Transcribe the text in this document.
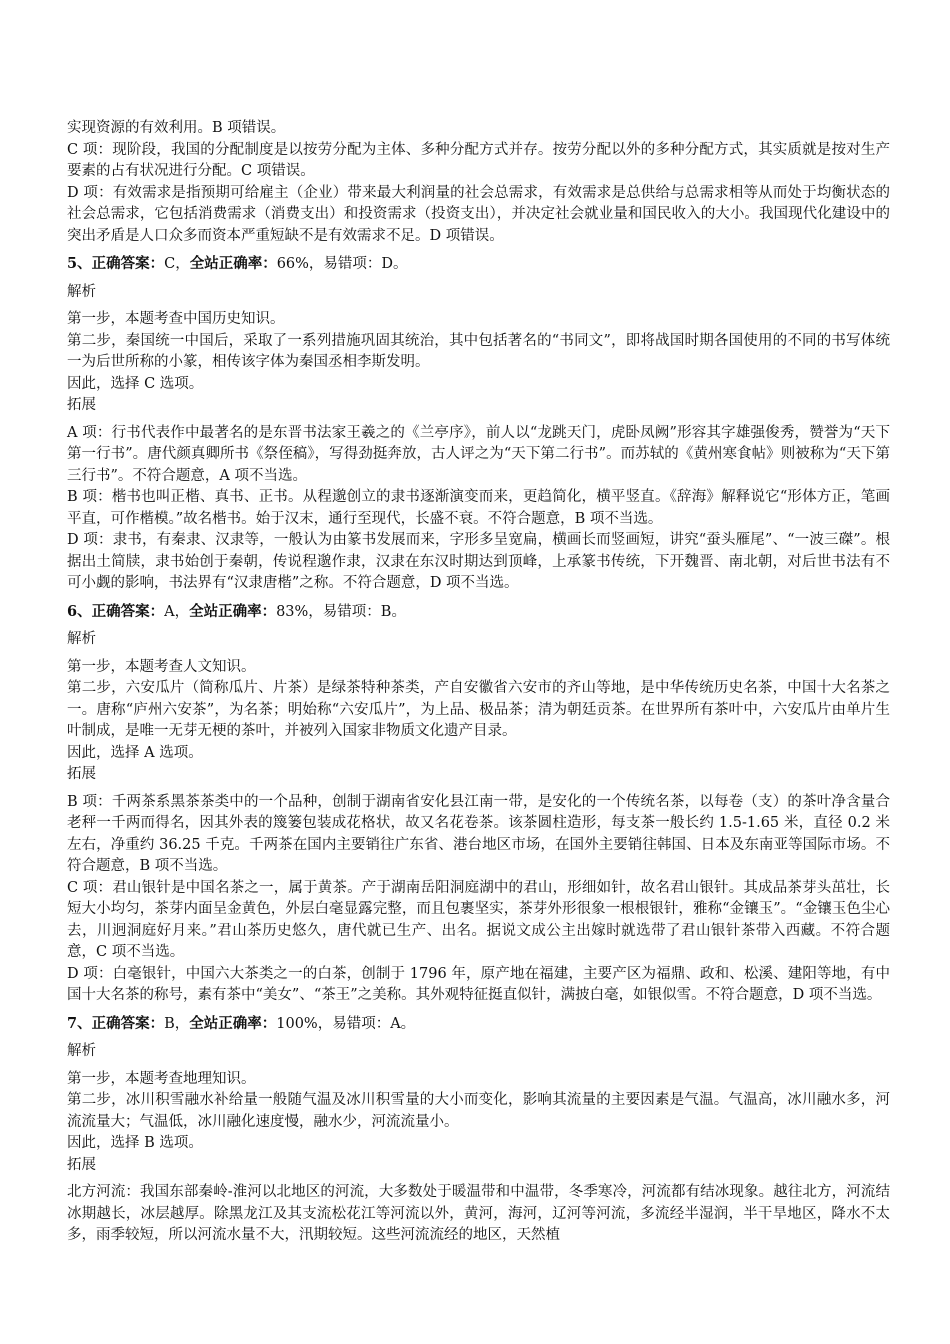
实现资源的有效利用。B 项错误。

C 项：现阶段，我国的分配制度是以按劳分配为主体、多种分配方式并存。按劳分配以外的多种分配方式，其实质就是按对生产要素的占有状况进行分配。C 项错误。

D 项：有效需求是指预期可给雇主（企业）带来最大利润量的社会总需求，有效需求是总供给与总需求相等从而处于均衡状态的社会总需求，它包括消费需求（消费支出）和投资需求（投资支出），并决定社会就业量和国民收入的大小。我国现代化建设中的突出矛盾是人口众多而资本严重短缺不是有效需求不足。D 项错误。

5、正确答案：C，全站正确率：66%，易错项：D。
解析

第一步，本题考查中国历史知识。

第二步，秦国统一中国后，采取了一系列措施巩固其统治，其中包括著名的“书同文”，即将战国时期各国使用的不同的书写体统一为后世所称的小篆，相传该字体为秦国丞相李斯发明。

因此，选择 C 选项。

拓展

A 项：行书代表作中最著名的是东晋书法家王羲之的《兰亭序》，前人以“龙跳天门，虎卧凤阙”形容其字雄强俊秀，赞誉为“天下第一行书”。唐代颜真卿所书《祭侄稿》，写得劲挺奔放，古人评之为“天下第二行书”。而苏轼的《黄州寒食帖》则被称为“天下第三行书”。不符合题意，A 项不当选。

B 项：楷书也叫正楷、真书、正书。从程邈创立的隶书逐渐演变而来，更趋简化，横平竖直。《辞海》解释说它“形体方正，笔画平直，可作楷模。”故名楷书。始于汉末，通行至现代，长盛不衰。不符合题意，B 项不当选。

D 项：隶书，有秦隶、汉隶等，一般认为由篆书发展而来，字形多呈宽扁，横画长而竖画短，讲究“蚕头雁尾”、“一波三磔”。根据出土简牍，隶书始创于秦朝，传说程邈作隶，汉隶在东汉时期达到顶峰，上承篆书传统，下开魏晋、南北朝，对后世书法有不可小觑的影响，书法界有“汉隶唐楷”之称。不符合题意，D 项不当选。

6、正确答案：A，全站正确率：83%，易错项：B。
解析

第一步，本题考查人文知识。

第二步，六安瓜片（简称瓜片、片茶）是绿茶特种茶类，产自安徽省六安市的齐山等地，是中华传统历史名茶，中国十大名茶之一。唐称“庐州六安茶”，为名茶；明始称“六安瓜片”，为上品、极品茶；清为朝廷贡茶。在世界所有茶叶中，六安瓜片由单片生叶制成，是唯一无芽无梗的茶叶，并被列入国家非物质文化遗产目录。

因此，选择 A 选项。

拓展

B 项：千两茶系黑茶茶类中的一个品种，创制于湖南省安化县江南一带，是安化的一个传统名茶，以每卷（支）的茶叶净含量合老秤一千两而得名，因其外表的篾篓包装成花格状，故又名花卷茶。该茶圆柱造形，每支茶一般长约 1.5-1.65 米，直径 0.2 米左右，净重约 36.25 千克。千两茶在国内主要销往广东省、港台地区市场，在国外主要销往韩国、日本及东南亚等国际市场。不符合题意，B 项不当选。

C 项：君山银针是中国名茶之一，属于黄茶。产于湖南岳阳洞庭湖中的君山，形细如针，故名君山银针。其成品茶芽头茁壮，长短大小均匀，茶芽内面呈金黄色，外层白毫显露完整，而且包裹坚实，茶芽外形很象一根根银针，雅称“金镶玉”。“金镶玉色尘心去，川迥洞庭好月来。”君山茶历史悠久，唐代就已生产、出名。据说文成公主出嫁时就选带了君山银针茶带入西藏。不符合题意，C 项不当选。

D 项：白毫银针，中国六大茶类之一的白茶，创制于 1796 年，原产地在福建，主要产区为福鼎、政和、松溪、建阳等地，有中国十大名茶的称号，素有茶中“美女”、“茶王”之美称。其外观特征挺直似针，满披白毫，如银似雪。不符合题意，D 项不当选。

7、正确答案：B，全站正确率：100%，易错项：A。
解析

第一步，本题考查地理知识。

第二步，冰川积雪融水补给量一般随气温及冰川积雪量的大小而变化，影响其流量的主要因素是气温。气温高，冰川融水多，河流流量大；气温低，冰川融化速度慢，融水少，河流流量小。

因此，选择 B 选项。

拓展

北方河流：我国东部秦岭-淮河以北地区的河流，大多数处于暖温带和中温带，冬季寒冷，河流都有结冰现象。越往北方，河流结冰期越长，冰层越厚。除黑龙江及其支流松花江等河流以外，黄河，海河，辽河等河流，多流经半湿润，半干旱地区，降水不太多，雨季较短，所以河流水量不大，汛期较短。这些河流流经的地区，天然植
